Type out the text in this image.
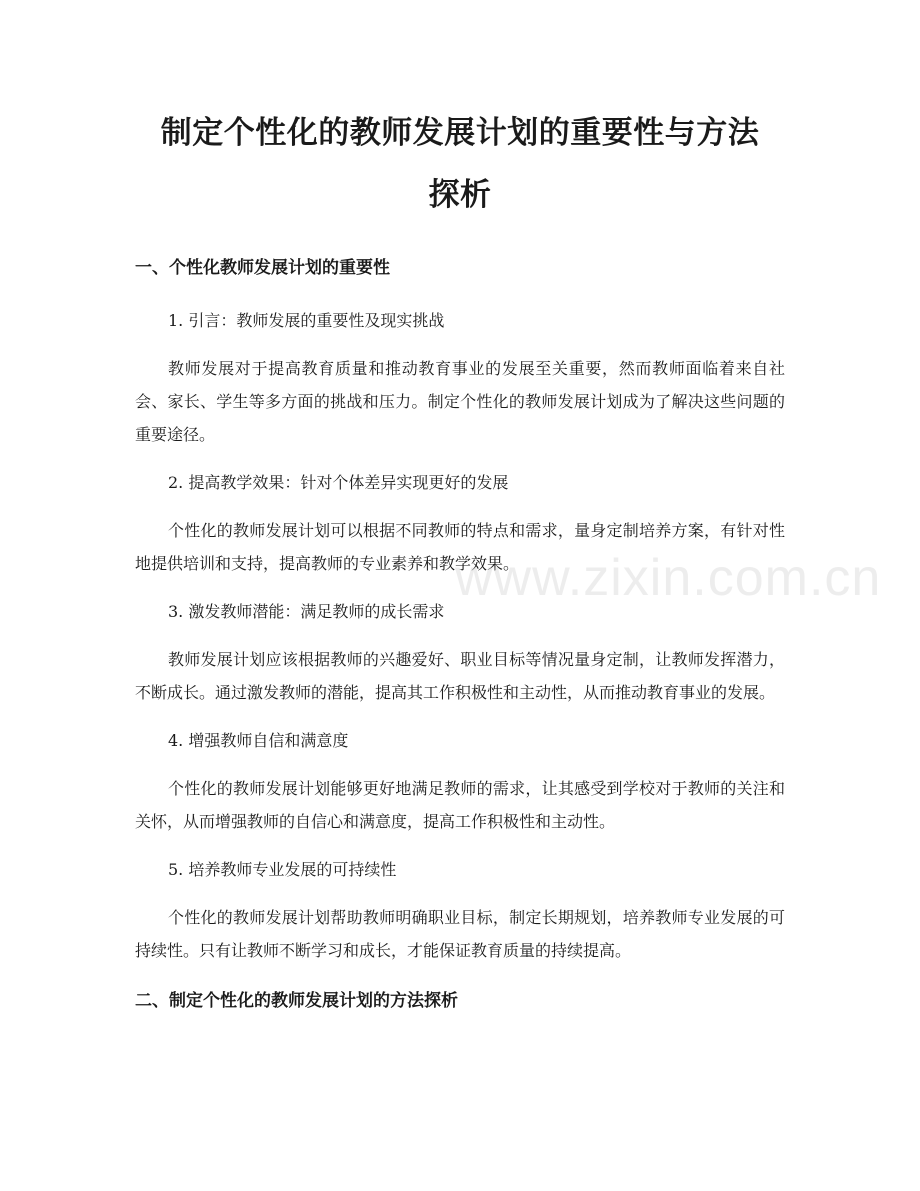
制定个性化的教师发展计划的重要性与方法
探析
一、个性化教师发展计划的重要性

1. 引言：教师发展的重要性及现实挑战

教师发展对于提高教育质量和推动教育事业的发展至关重要，然而教师面临着来自社会、家长、学生等多方面的挑战和压力。制定个性化的教师发展计划成为了解决这些问题的重要途径。

2. 提高教学效果：针对个体差异实现更好的发展

个性化的教师发展计划可以根据不同教师的特点和需求，量身定制培养方案，有针对性地提供培训和支持，提高教师的专业素养和教学效果。

3. 激发教师潜能：满足教师的成长需求

教师发展计划应该根据教师的兴趣爱好、职业目标等情况量身定制，让教师发挥潜力，不断成长。通过激发教师的潜能，提高其工作积极性和主动性，从而推动教育事业的发展。

4. 增强教师自信和满意度

个性化的教师发展计划能够更好地满足教师的需求，让其感受到学校对于教师的关注和关怀，从而增强教师的自信心和满意度，提高工作积极性和主动性。

5. 培养教师专业发展的可持续性

个性化的教师发展计划帮助教师明确职业目标，制定长期规划，培养教师专业发展的可持续性。只有让教师不断学习和成长，才能保证教育质量的持续提高。

二、制定个性化的教师发展计划的方法探析
www.zixin.com.cn
